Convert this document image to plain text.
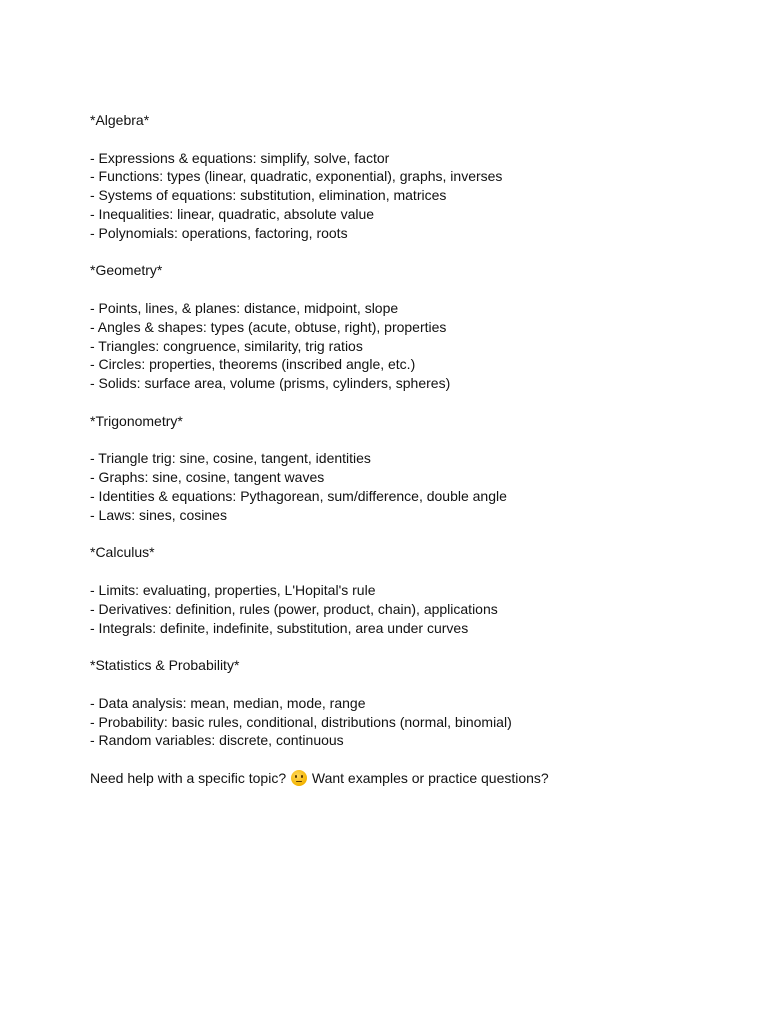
*Algebra*
- Expressions & equations: simplify, solve, factor
- Functions: types (linear, quadratic, exponential), graphs, inverses
- Systems of equations: substitution, elimination, matrices
- Inequalities: linear, quadratic, absolute value
- Polynomials: operations, factoring, roots
*Geometry*
- Points, lines, & planes: distance, midpoint, slope
- Angles & shapes: types (acute, obtuse, right), properties
- Triangles: congruence, similarity, trig ratios
- Circles: properties, theorems (inscribed angle, etc.)
- Solids: surface area, volume (prisms, cylinders, spheres)
*Trigonometry*
- Triangle trig: sine, cosine, tangent, identities
- Graphs: sine, cosine, tangent waves
- Identities & equations: Pythagorean, sum/difference, double angle
- Laws: sines, cosines
*Calculus*
- Limits: evaluating, properties, L'Hopital's rule
- Derivatives: definition, rules (power, product, chain), applications
- Integrals: definite, indefinite, substitution, area under curves
*Statistics & Probability*
- Data analysis: mean, median, mode, range
- Probability: basic rules, conditional, distributions (normal, binomial)
- Random variables: discrete, continuous
Need help with a specific topic? Want examples or practice questions?
